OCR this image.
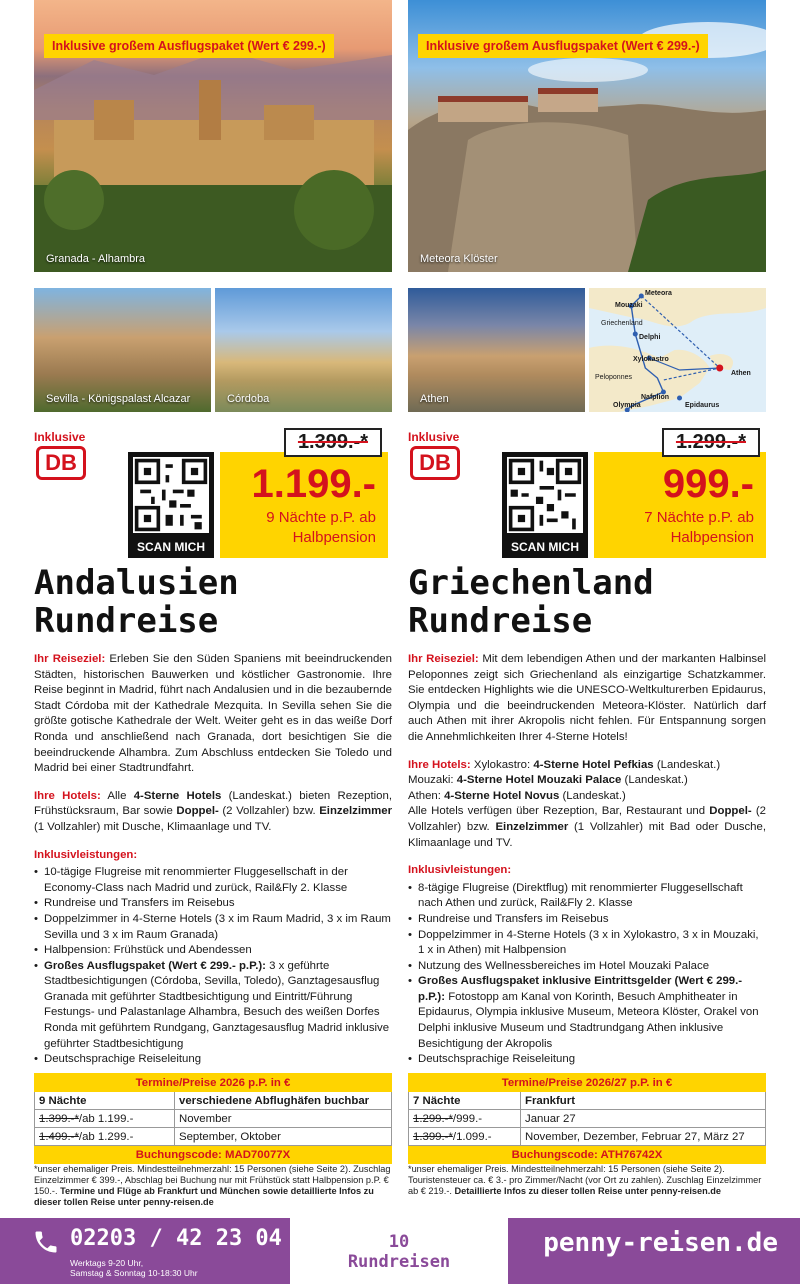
Inklusive großem Ausflugspaket (Wert € 299.-)
Granada - Alhambra
Sevilla - Königspalast Alcazar	Córdoba
Inklusive
DB
SCAN MICH
1.399.-*
1.199.-
9 Nächte p.P. ab
Halbpension
Andalusien
Rundreise

Ihr Reiseziel: Erleben Sie den Süden Spaniens mit beeindruckenden Städten, historischen Bauwerken und köstlicher Gastronomie. Ihre Reise beginnt in Madrid, führt nach Andalusien und in die bezaubernde Stadt Córdoba mit der Kathedrale Mezquita. In Sevilla sehen Sie die größte gotische Kathedrale der Welt. Weiter geht es in das weiße Dorf Ronda und anschließend nach Granada, dort besichtigen Sie die beeindruckende Alhambra. Zum Abschluss entdecken Sie Toledo und Madrid bei einer Stadtrundfahrt.

Ihre Hotels: Alle 4-Sterne Hotels (Landeskat.) bieten Rezeption, Frühstücksraum, Bar sowie Doppel- (2 Vollzahler) bzw. Einzelzimmer (1 Vollzahler) mit Dusche, Klimaanlage und TV.

Inklusivleistungen:

• 10-tägige Flugreise mit renommierter Fluggesellschaft in der Economy-Class nach Madrid und zurück, Rail&Fly 2. Klasse
• Rundreise und Transfers im Reisebus
• Doppelzimmer in 4-Sterne Hotels (3 x im Raum Madrid, 3 x im Raum Sevilla und 3 x im Raum Granada)
• Halbpension: Frühstück und Abendessen
• Großes Ausflugspaket (Wert € 299.- p.P.): 3 x geführte Stadtbesichtigungen (Córdoba, Sevilla, Toledo), Ganztagesausflug Granada mit geführter Stadtbesichtigung und Eintritt/Führung Festungs- und Palastanlage Alhambra, Besuch des weißen Dorfes Ronda mit geführtem Rundgang, Ganztagesausflug Madrid inklusive geführter Stadtbesichtigung
• Deutschsprachige Reiseleitung
Termine/Preise 2026 p.P. in €	
9 Nächte	verschiedene Abflughäfen buchbar
1.399.-*/ab 1.199.-	November
1.499.-*/ab 1.299.-	September, Oktober
Buchungscode: MAD70077X	
*unser ehemaliger Preis. Mindestteilnehmerzahl: 15 Personen (siehe Seite 2). Zuschlag Einzelzimmer € 399.-, Abschlag bei Buchung nur mit Frühstück statt Halbpension p.P. € 150.-. Termine und Flüge ab Frankfurt und München sowie detaillierte Infos zu dieser tollen Reise unter penny-reisen.de
Inklusive großem Ausflugspaket (Wert € 299.-)
Meteora Klöster
Athen
Meteora
Mouzaki
Griechenland
Delphi
Xylokastro
Peloponnes
Athen
Nafplion
Epidaurus
Olympia
Inklusive
DB
SCAN MICH
1.299.-*
999.-
7 Nächte p.P. ab
Halbpension
Griechenland
Rundreise

Ihr Reiseziel: Mit dem lebendigen Athen und der markanten Halbinsel Peloponnes zeigt sich Griechenland als einzigartige Schatzkammer. Sie entdecken Highlights wie die UNESCO-Weltkulturerben Epidaurus, Olympia und die beeindruckenden Meteora-Klöster. Natürlich darf auch Athen mit ihrer Akropolis nicht fehlen. Für Entspannung sorgen die Annehmlichkeiten Ihrer 4-Sterne Hotels!

Ihre Hotels: Xylokastro: 4-Sterne Hotel Pefkias (Landeskat.)
Mouzaki: 4-Sterne Hotel Mouzaki Palace (Landeskat.)
Athen: 4-Sterne Hotel Novus (Landeskat.)
Alle Hotels verfügen über Rezeption, Bar, Restaurant und Doppel- (2 Vollzahler) bzw. Einzelzimmer (1 Vollzahler) mit Bad oder Dusche, Klimaanlage und TV.

Inklusivleistungen:

• 8-tägige Flugreise (Direktflug) mit renommierter Fluggesellschaft nach Athen und zurück, Rail&Fly 2. Klasse
• Rundreise und Transfers im Reisebus
• Doppelzimmer in 4-Sterne Hotels (3 x in Xylokastro, 3 x in Mouzaki, 1 x in Athen) mit Halbpension
• Nutzung des Wellnessbereiches im Hotel Mouzaki Palace
• Großes Ausflugspaket inklusive Eintrittsgelder (Wert € 299.- p.P.): Fotostopp am Kanal von Korinth, Besuch Amphitheater in Epidaurus, Olympia inklusive Museum, Meteora Klöster, Orakel von Delphi inklusive Museum und Stadtrundgang Athen inklusive Besichtigung der Akropolis
• Deutschsprachige Reiseleitung
Termine/Preise 2026/27 p.P. in €	
7 Nächte	Frankfurt
1.299.-*/999.-	Januar 27
1.399.-*/1.099.-	November, Dezember, Februar 27, März 27
Buchungscode: ATH76742X	
*unser ehemaliger Preis. Mindestteilnehmerzahl: 15 Personen (siehe Seite 2). Touristensteuer ca. € 3.- pro Zimmer/Nacht (vor Ort zu zahlen). Zuschlag Einzelzimmer ab € 219.-. Detaillierte Infos zu dieser tollen Reise unter penny-reisen.de
02203 / 42 23 04
Werktags 9-20 Uhr,
Samstag & Sonntag 10-18:30 Uhr
10
Rundreisen
penny-reisen.de
